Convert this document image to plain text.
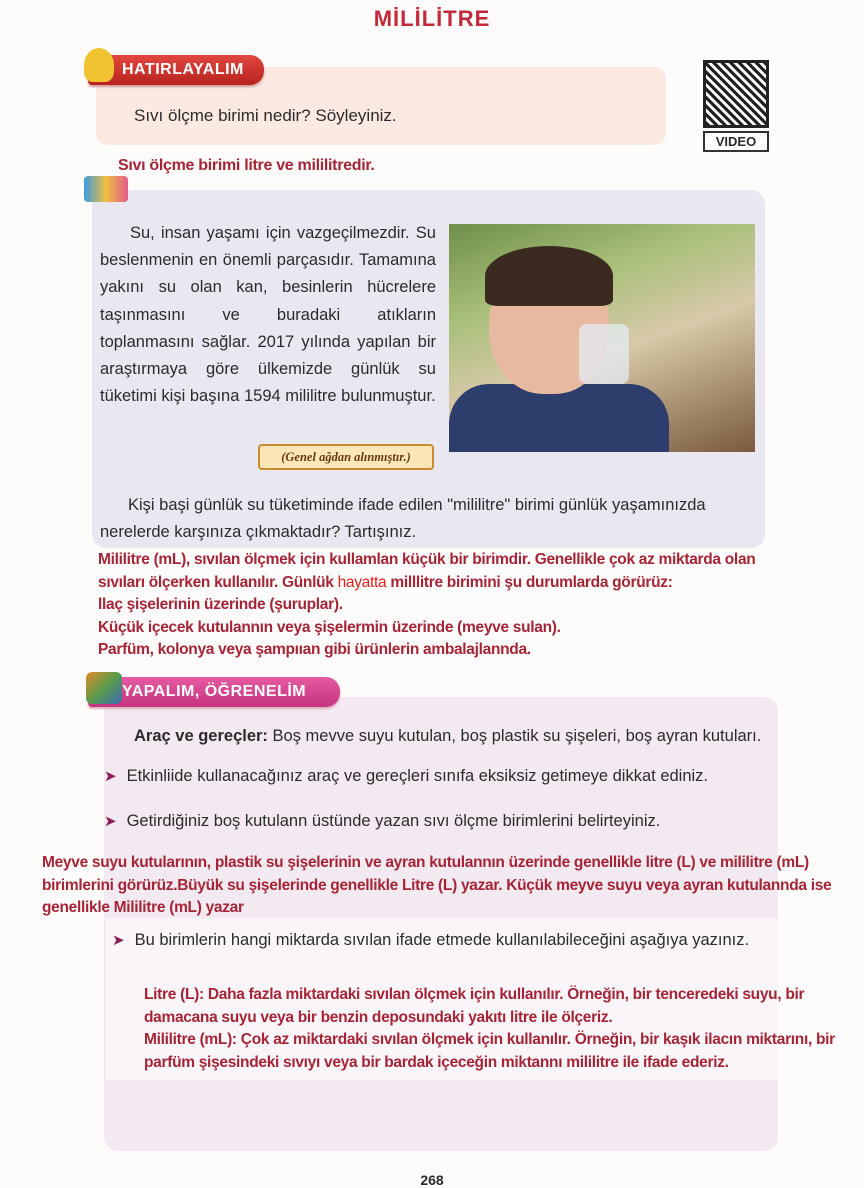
MİLİLİTRE
HATIRLAYALIM
Sıvı ölçme birimi nedir? Söyleyiniz.
VIDEO
Sıvı ölçme birimi litre ve mililitredir.
Su, insan yaşamı için vazgeçilmezdir. Su beslenmenin en önemli parçasıdır. Tamamına yakını su olan kan, besinlerin hücrelere taşınmasını ve buradaki atıkların toplanmasını sağlar. 2017 yılında yapılan bir araştırmaya göre ülkemizde günlük su tüketimi kişi başına 1594 mililitre bulunmuştur.
(Genel ağdan alınmıştır.)
Kişi başi günlük su tüketiminde ifade edilen "mililitre" birimi günlük yaşamınızda nerelerde karşınıza çıkmaktadır? Tartışınız.
Mililitre (mL), sıvılan ölçmek için kullamlan küçük bir birimdir. Genellikle çok az miktarda olan
sıvıları ölçerken kullanılır. Günlük hayatta milllitre birimini şu durumlarda görürüz:
llaç şişelerinin üzerinde (şuruplar).
Küçük içecek kutulannın veya şişelermin üzerinde (meyve sulan).
Parfüm, kolonya veya şampııan gibi ürünlerin ambalajlannda.
YAPALIM, ÖĞRENELİM
Araç ve gereçler: Boş mevve suyu kutulan, boş plastik su şişeleri, boş ayran kutuları.
➤ Etkinliide kullanacağınız araç ve gereçleri sınıfa eksiksiz getimeye dikkat ediniz.
➤ Getirdiğiniz boş kutulann üstünde yazan sıvı ölçme birimlerini belirteyiniz.
Meyve suyu kutularının, plastik su şişelerinin ve ayran kutulannın üzerinde genellikle litre (L) ve mililitre (mL) birimlerini görürüz.Büyük su şişelerinde genellikle Litre (L) yazar. Küçük meyve suyu veya ayran kutulannda ise genellikle Mililitre (mL) yazar
➤ Bu birimlerin hangi miktarda sıvılan ifade etmede kullanılabileceğini aşağıya yazınız.
Litre (L): Daha fazla miktardaki sıvılan ölçmek için kullanılır. Örneğin, bir tenceredeki suyu, bir damacana suyu veya bir benzin deposundaki yakıtı litre ile ölçeriz.
Mililitre (mL): Çok az miktardaki sıvılan ölçmek için kullanılır. Örneğin, bir kaşık ilacın miktarını, bir parfüm şişesindeki sıvıyı veya bir bardak içeceğin miktannı mililitre ile ifade ederiz.
268
